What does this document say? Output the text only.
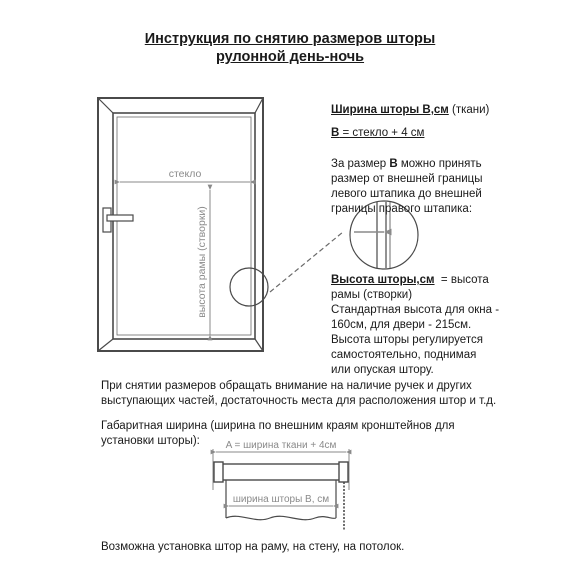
Инструкция по снятию размеров шторы
рулонной день-ночь
стекло
высота рамы (створки)
A = ширина ткани + 4см
ширина шторы B, см
Ширина шторы B,см (ткани)
B = стекло + 4 см
За размер B можно принять
размер от внешней границы
левого штапика до внешней
границы правого штапика:
Высота шторы,см  = высота
рамы (створки)
Стандартная высота для окна -
160см, для двери - 215см.
Высота шторы регулируется
самостоятельно, поднимая
или опуская штору.
При снятии размеров обращать внимание на наличие ручек и других
выступающих частей, достаточность места для расположения штор и т.д.
Габаритная ширина (ширина по внешним краям кронштейнов для
установки шторы):
Возможна установка штор на раму, на стену, на потолок.
